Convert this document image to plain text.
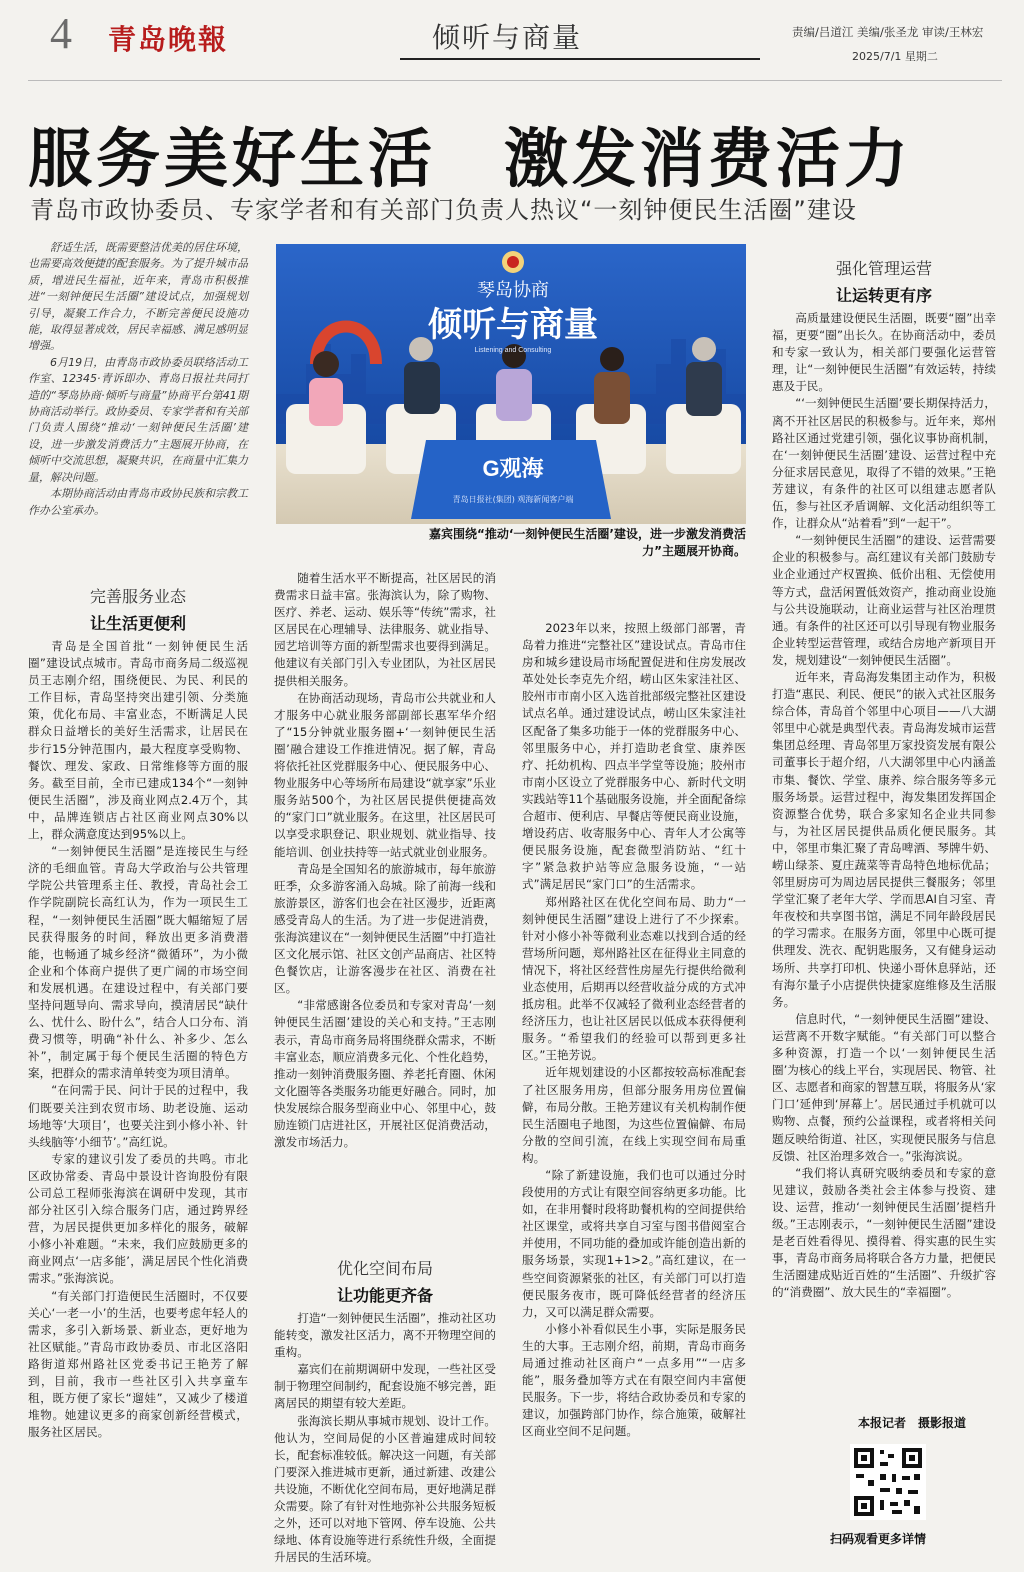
4 青岛晚報	倾听与商量	责编/吕道江 美编/张圣龙 审读/王林宏
2025/7/1 星期二
服务美好生活　激发消费活力
青岛市政协委员、专家学者和有关部门负责人热议“一刻钟便民生活圈”建设

舒适生活，既需要整洁优美的居住环境，也需要高效便捷的配套服务。为了提升城市品质，增进民生福祉，近年来，青岛市积极推进“一刻钟便民生活圈”建设试点，加强规划引导，凝聚工作合力，不断完善便民设施功能，取得显著成效，居民幸福感、满足感明显增强。

6月19日，由青岛市政协委员联络活动工作室、12345·青诉即办、青岛日报社共同打造的“琴岛协商·倾听与商量”协商平台第41期协商活动举行。政协委员、专家学者和有关部门负责人围绕“推动‘一刻钟便民生活圈’建设，进一步激发消费活力”主题展开协商，在倾听中交流思想，凝聚共识，在商量中汇集力量，解决问题。

本期协商活动由青岛市政协民族和宗教工作办公室承办。

完善服务业态
让生活更便利

青岛是全国首批“一刻钟便民生活圈”建设试点城市。青岛市商务局二级巡视员王志刚介绍，围绕便民、为民、利民的工作目标，青岛坚持突出建引领、分类施策，优化布局、丰富业态，不断满足人民群众日益增长的美好生活需求，让居民在步行15分钟范围内，最大程度享受购物、餐饮、理发、家政、日常维修等方面的服务。截至目前，全市已建成134个“一刻钟便民生活圈”，涉及商业网点2.4万个，其中，品牌连锁店占社区商业网点30%以上，群众满意度达到95%以上。

“一刻钟便民生活圈”是连接民生与经济的毛细血管。青岛大学政治与公共管理学院公共管理系主任、教授，青岛社会工作学院副院长高红认为，作为一项民生工程，“一刻钟便民生活圈”既大幅缩短了居民获得服务的时间，释放出更多消费潜能，也畅通了城乡经济“微循环”，为小微企业和个体商户提供了更广阔的市场空间和发展机遇。在建设过程中，有关部门要坚持问题导向、需求导向，摸清居民“缺什么、忧什么、盼什么”，结合人口分布、消费习惯等，明确“补什么、补多少、怎么补”，制定属于每个便民生活圈的特色方案，把群众的需求清单转变为项目清单。

“在问需于民、问计于民的过程中，我们既要关注到农贸市场、助老设施、运动场地等‘大项目’，也要关注到小修小补、针头线脑等‘小细节’。”高红说。

专家的建议引发了委员的共鸣。市北区政协常委、青岛中景设计咨询股份有限公司总工程师张海滨在调研中发现，其市部分社区引入综合服务门店，通过跨界经营，为居民提供更加多样化的服务，破解小修小补难题。“未来，我们应鼓励更多的商业网点‘一店多能’，满足居民个性化消费需求。”张海滨说。

“有关部门打造便民生活圈时，不仅要关心‘一老一小’的生活，也要考虑年轻人的需求，多引入新场景、新业态，更好地为社区赋能。”青岛市政协委员、市北区洛阳路街道郑州路社区党委书记王艳芳了解到，目前，我市一些社区引入共享童车租，既方便了家长“遛娃”，又减少了楼道堆物。她建议更多的商家创新经营模式，服务社区居民。

G观海
青岛日报社(集团) 观海新闻客户端
琴岛协商
倾听与商量
Listening and Consulting
嘉宾围绕“推动‘一刻钟便民生活圈’建设，进一步激发消费活力”主题展开协商。

随着生活水平不断提高，社区居民的消费需求日益丰富。张海滨认为，除了购物、医疗、养老、运动、娱乐等“传统”需求，社区居民在心理辅导、法律服务、就业指导、园艺培训等方面的新型需求也要得到满足。他建议有关部门引入专业团队，为社区居民提供相关服务。

在协商活动现场，青岛市公共就业和人才服务中心就业服务部副部长惠军华介绍了“15分钟就业服务圈+‘一刻钟便民生活圈’融合建设工作推进情况。据了解，青岛将依托社区党群服务中心、便民服务中心、物业服务中心等场所布局建设“就享家”乐业服务站500个，为社区居民提供便捷高效的“家门口”就业服务。在这里，社区居民可以享受求职登记、职业规划、就业指导、技能培训、创业扶持等一站式就业创业服务。

青岛是全国知名的旅游城市，每年旅游旺季，众多游客涌入岛城。除了前海一线和旅游景区，游客们也会在社区漫步，近距离感受青岛人的生活。为了进一步促进消费，张海滨建议在“一刻钟便民生活圈”中打造社区文化展示馆、社区文创产品商店、社区特色餐饮店，让游客漫步在社区、消费在社区。

“非常感谢各位委员和专家对青岛‘一刻钟便民生活圈’建设的关心和支持。”王志刚表示，青岛市商务局将围绕群众需求，不断丰富业态，顺应消费多元化、个性化趋势，推动一刻钟消费服务圈、养老托育圈、休闲文化圈等各类服务功能更好融合。同时，加快发展综合服务型商业中心、邻里中心，鼓励连锁门店进社区，开展社区促消费活动，激发市场活力。

优化空间布局
让功能更齐备

打造“一刻钟便民生活圈”，推动社区功能转变，激发社区活力，离不开物理空间的重构。

嘉宾们在前期调研中发现，一些社区受制于物理空间制约，配套设施不够完善，距离居民的期望有较大差距。

张海滨长期从事城市规划、设计工作。他认为，空间局促的小区普遍建成时间较长，配套标准较低。解决这一问题，有关部门要深入推进城市更新，通过新建、改建公共设施，不断优化空间布局，更好地满足群众需要。除了有针对性地弥补公共服务短板之外，还可以对地下管网、停车设施、公共绿地、体育设施等进行系统性升级，全面提升居民的生活环境。

2023年以来，按照上级部门部署，青岛着力推进“完整社区”建设试点。青岛市住房和城乡建设局市场配置促进和住房发展改革处处长李克先介绍，崂山区朱家洼社区、胶州市市南小区入选首批部级完整社区建设试点名单。通过建设试点，崂山区朱家洼社区配备了集多功能于一体的党群服务中心、邻里服务中心，并打造助老食堂、康养医疗、托幼机构、四点半学堂等设施；胶州市市南小区设立了党群服务中心、新时代文明实践站等11个基础服务设施，并全面配备综合超市、便利店、早餐店等便民商业设施，增设药店、收寄服务中心、青年人才公寓等便民服务设施，配套微型消防站、“红十字”紧急救护站等应急服务设施，“一站式”满足居民“家门口”的生活需求。

郑州路社区在优化空间布局、助力“一刻钟便民生活圈”建设上进行了不少探索。针对小修小补等微利业态难以找到合适的经营场所问题，郑州路社区在征得业主同意的情况下，将社区经营性房屋先行提供给微利业态使用，后期再以经营收益分成的方式冲抵房租。此举不仅减轻了微利业态经营者的经济压力，也让社区居民以低成本获得便利服务。“希望我们的经验可以帮到更多社区。”王艳芳说。

近年规划建设的小区都按较高标准配套了社区服务用房，但部分服务用房位置偏僻，布局分散。王艳芳建议有关机构制作便民生活圈电子地图，为这些位置偏僻、布局分散的空间引流，在线上实现空间布局重构。

“除了新建设施，我们也可以通过分时段使用的方式让有限空间容纳更多功能。比如，在非用餐时段将助餐机构的空间提供给社区课堂，或将共享自习室与图书借阅室合并使用，不同功能的叠加或许能创造出新的服务场景，实现1+1>2。”高红建议，在一些空间资源紧张的社区，有关部门可以打造便民服务夜市，既可降低经营者的经济压力，又可以满足群众需要。

小修小补看似民生小事，实际是服务民生的大事。王志刚介绍，前期，青岛市商务局通过推动社区商户“一点多用”“一店多能”，服务叠加等方式在有限空间内丰富便民服务。下一步，将结合政协委员和专家的建议，加强跨部门协作，综合施策，破解社区商业空间不足问题。

强化管理运营
让运转更有序

高质量建设便民生活圈，既要“圈”出幸福，更要“圈”出长久。在协商活动中，委员和专家一致认为，相关部门要强化运营管理，让“一刻钟便民生活圈”有效运转，持续惠及于民。

“‘一刻钟便民生活圈’要长期保持活力，离不开社区居民的积极参与。近年来，郑州路社区通过党建引领，强化议事协商机制，在‘一刻钟便民生活圈’建设、运营过程中充分征求居民意见，取得了不错的效果。”王艳芳建议，有条件的社区可以组建志愿者队伍，参与社区矛盾调解、文化活动组织等工作，让群众从“站着看”到“一起干”。

“一刻钟便民生活圈”的建设、运营需要企业的积极参与。高红建议有关部门鼓励专业企业通过产权置换、低价出租、无偿使用等方式，盘活闲置低效资产，推动商业设施与公共设施联动，让商业运营与社区治理贯通。有条件的社区还可以引导现有物业服务企业转型运营管理，或结合房地产新项目开发，规划建设“一刻钟便民生活圈”。

近年来，青岛海发集团主动作为，积极打造“惠民、利民、便民”的嵌入式社区服务综合体，青岛首个邻里中心项目——八大湖邻里中心就是典型代表。青岛海发城市运营集团总经理、青岛邻里万家投资发展有限公司董事长于超介绍，八大湖邻里中心内涵盖市集、餐饮、学堂、康养、综合服务等多元服务场景。运营过程中，海发集团发挥国企资源整合优势，联合多家知名企业共同参与，为社区居民提供品质化便民服务。其中，邻里市集汇聚了青岛啤酒、琴牌牛奶、崂山绿茶、夏庄蔬菜等青岛特色地标优品；邻里厨房可为周边居民提供三餐服务；邻里学堂汇聚了老年大学、学而思AI自习室、青年夜校和共享图书馆，满足不同年龄段居民的学习需求。在服务方面，邻里中心既可提供理发、洗衣、配钥匙服务，又有健身运动场所、共享打印机、快递小哥休息驿站，还有海尔量子小店提供快捷家庭维修及生活服务。

信息时代，“一刻钟便民生活圈”建设、运营离不开数字赋能。“有关部门可以整合多种资源，打造一个以‘一刻钟便民生活圈’为核心的线上平台，实现居民、物管、社区、志愿者和商家的智慧互联，将服务从‘家门口’延伸到‘屏幕上’。居民通过手机就可以购物、点餐，预约公益课程，或者将相关问题反映给街道、社区，实现便民服务与信息反馈、社区治理多效合一。”张海滨说。

“我们将认真研究吸纳委员和专家的意见建议，鼓励各类社会主体参与投资、建设、运营，推动‘一刻钟便民生活圈’提档升级。”王志刚表示，“一刻钟便民生活圈”建设是老百姓看得见、摸得着、得实惠的民生实事，青岛市商务局将联合各方力量，把便民生活圈建成贴近百姓的“生活圈”、升级扩容的“消费圈”、放大民生的“幸福圈”。

本报记者　摄影报道
扫码观看更多详情
